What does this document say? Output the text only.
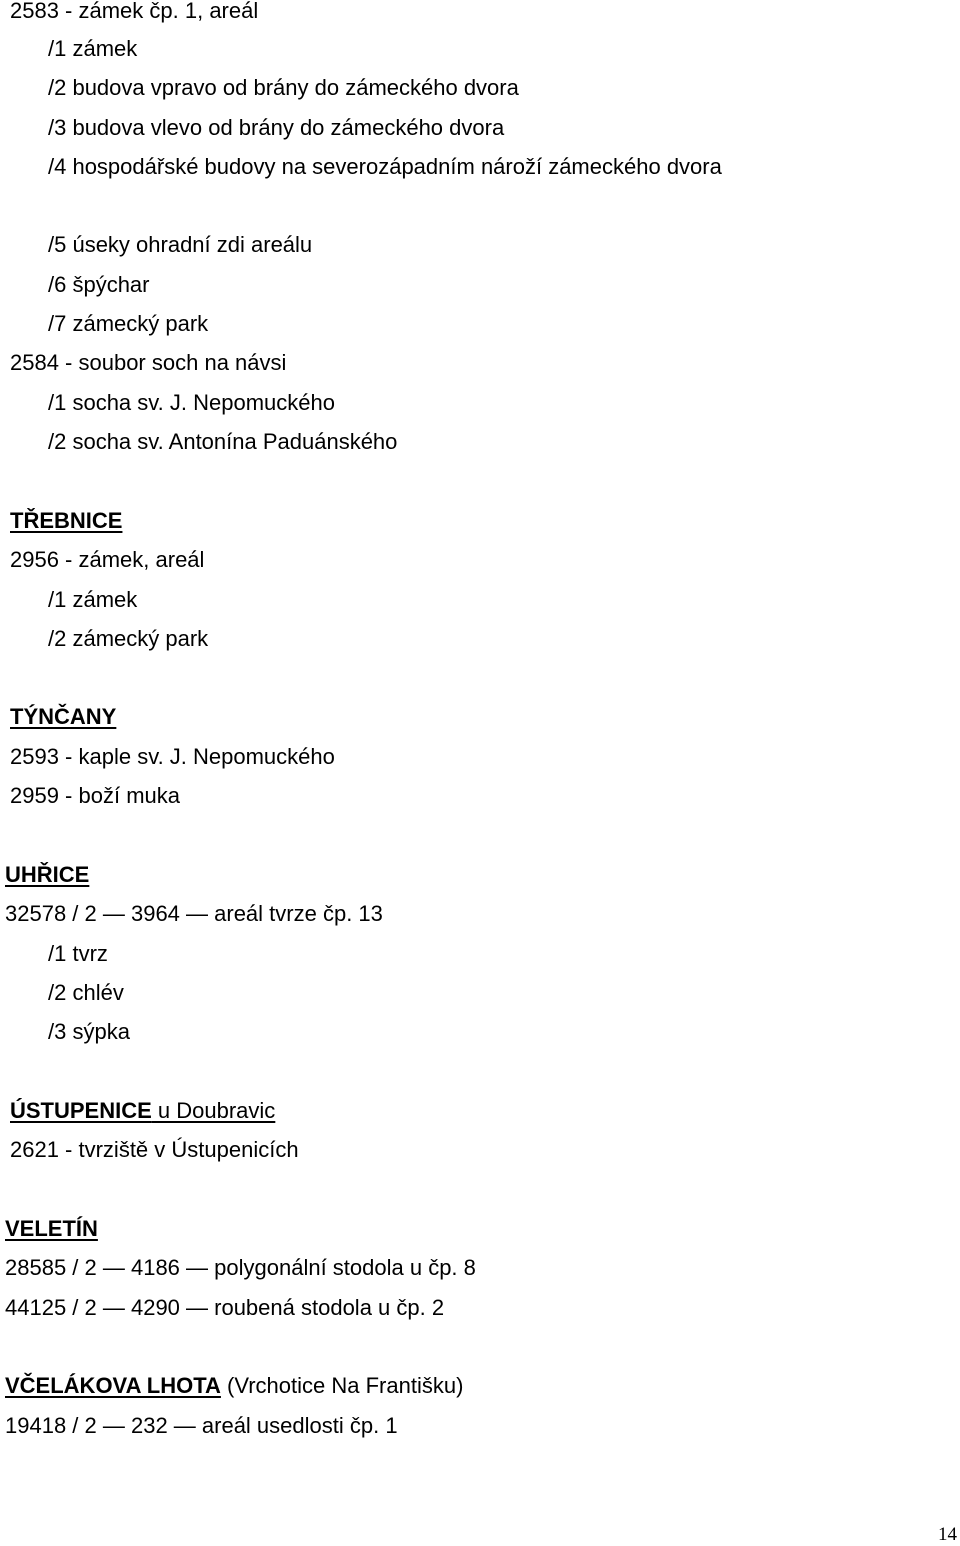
2583 - zámek čp. 1, areál
/1 zámek
/2 budova vpravo od brány do zámeckého dvora
/3 budova vlevo od brány do zámeckého dvora
/4 hospodářské budovy na severozápadním nároží zámeckého dvora
/5 úseky ohradní zdi areálu
/6 špýchar
/7 zámecký park
2584 - soubor soch na návsi
/1 socha sv. J. Nepomuckého
/2 socha sv. Antonína Paduánského
TŘEBNICE
2956 - zámek, areál
/1 zámek
/2 zámecký park
TÝNČANY
2593 - kaple sv. J. Nepomuckého
2959 - boží muka
UHŘICE
32578 / 2 — 3964 — areál tvrze čp. 13
/1 tvrz
/2 chlév
/3 sýpka
ÚSTUPENICE u Doubravic
2621 - tvrziště v Ústupenicích
VELETÍN
28585 / 2 — 4186 — polygonální stodola u čp. 8
44125 / 2 — 4290 — roubená stodola u čp. 2
VČELÁKOVA LHOTA (Vrchotice Na Františku)
19418 / 2 — 232 — areál usedlosti čp. 1
14
